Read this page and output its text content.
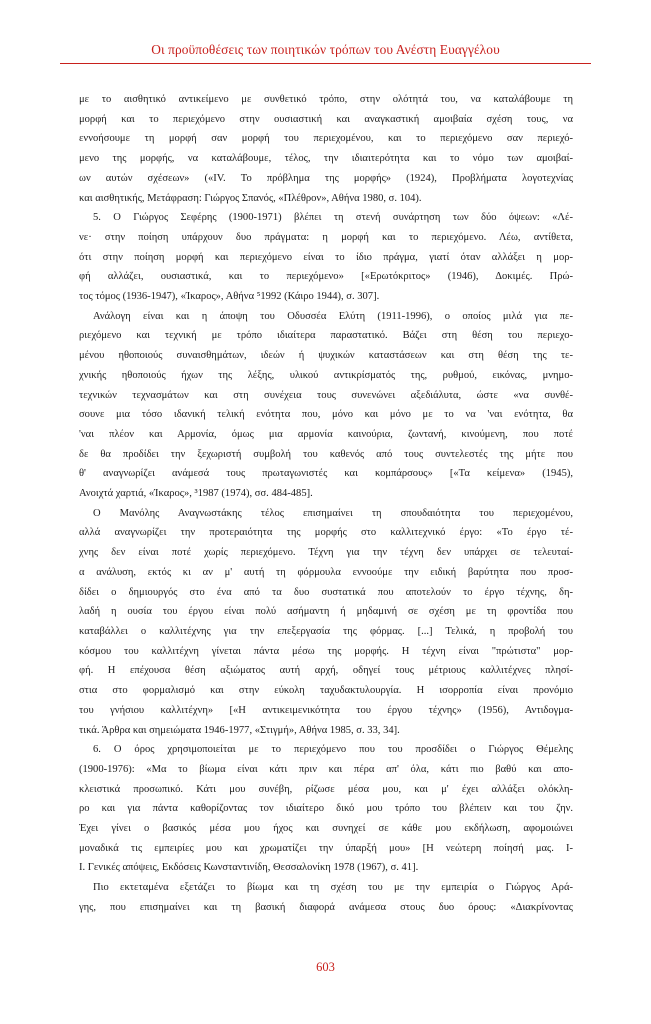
Οι προϋποθέσεις των ποιητικών τρόπων του Ανέστη Ευαγγέλου
με το αισθητικό αντικείμενο με συνθετικό τρόπο, στην ολότητά του, να καταλάβουμε τη
μορφή και το περιεχόμενο στην ουσιαστική και αναγκαστική αμοιβαία σχέση τους, να
εννοήσουμε τη μορφή σαν μορφή του περιεχομένου, και το περιεχόμενο σαν περιεχό-
μενο της μορφής, να καταλάβουμε, τέλος, την ιδιαιτερότητα και το νόμο των αμοιβαί-
ων αυτών σχέσεων» («IV. Το πρόβλημα της μορφής» (1924), Προβλήματα λογοτεχνίας
και αισθητικής, Μετάφραση: Γιώργος Σπανός, «Πλέθρον», Αθήνα 1980, σ. 104).
5. Ο Γιώργος Σεφέρης (1900-1971) βλέπει τη στενή συνάρτηση των δύο όψεων: «Λέ-
νε· στην ποίηση υπάρχουν δυο πράγματα: η μορφή και το περιεχόμενο. Λέω, αντίθετα,
ότι στην ποίηση μορφή και περιεχόμενο είναι το ίδιο πράγμα, γιατί όταν αλλάξει η μορ-
φή αλλάζει, ουσιαστικά, και το περιεχόμενο» [«Ερωτόκριτος» (1946), Δοκιμές. Πρώ-
τος τόμος (1936-1947), «Ίκαρος», Αθήνα ⁵1992 (Κάιρο 1944), σ. 307].
Ανάλογη είναι και η άποψη του Οδυσσέα Ελύτη (1911-1996), ο οποίος μιλά για πε-
ριεχόμενο και τεχνική με τρόπο ιδιαίτερα παραστατικό. Βάζει στη θέση του περιεχο-
μένου ηθοποιούς συναισθημάτων, ιδεών ή ψυχικών καταστάσεων και στη θέση της τε-
χνικής ηθοποιούς ήχων της λέξης, υλικού αντικρίσματός της, ρυθμού, εικόνας, μνημο-
τεχνικών τεχνασμάτων και στη συνέχεια τους συνενώνει αξεδιάλυτα, ώστε «να συνθέ-
σουνε μια τόσο ιδανική τελική ενότητα που, μόνο και μόνο με το να 'ναι ενότητα, θα
'ναι πλέον και Αρμονία, όμως μια αρμονία καινούρια, ζωντανή, κινούμενη, που ποτέ
δε θα προδίδει την ξεχωριστή συμβολή του καθενός από τους συντελεστές της μήτε που
θ' αναγνωρίζει ανάμεσά τους πρωταγωνιστές και κομπάρσους» [«Τα κείμενα» (1945),
Ανοιχτά χαρτιά, «Ίκαρος», ³1987 (1974), σσ. 484-485].
Ο Μανόλης Αναγνωστάκης τέλος επισημαίνει τη σπουδαιότητα του περιεχομένου,
αλλά αναγνωρίζει την προτεραιότητα της μορφής στο καλλιτεχνικό έργο: «Το έργο τέ-
χνης δεν είναι ποτέ χωρίς περιεχόμενο. Τέχνη για την τέχνη δεν υπάρχει σε τελευταί-
α ανάλυση, εκτός κι αν μ' αυτή τη φόρμουλα εννοούμε την ειδική βαρύτητα που προσ-
δίδει ο δημιουργός στο ένα από τα δυο συστατικά που αποτελούν το έργο τέχνης, δη-
λαδή η ουσία του έργου είναι πολύ ασήμαντη ή μηδαμινή σε σχέση με τη φροντίδα που
καταβάλλει ο καλλιτέχνης για την επεξεργασία της φόρμας. [...] Τελικά, η προβολή του
κόσμου του καλλιτέχνη γίνεται πάντα μέσω της μορφής. Η τέχνη είναι "πρώτιστα" μορ-
φή. Η επέχουσα θέση αξιώματος αυτή αρχή, οδηγεί τους μέτριους καλλιτέχνες πλησί-
στια στο φορμαλισμό και στην εύκολη ταχυδακτυλουργία. Η ισορροπία είναι προνόμιο
του γνήσιου καλλιτέχνη» [«Η αντικειμενικότητα του έργου τέχνης» (1956), Αντιδογμα-
τικά. Άρθρα και σημειώματα 1946-1977, «Στιγμή», Αθήνα 1985, σ. 33, 34].
6. Ο όρος χρησιμοποιείται με το περιεχόμενο που του προσδίδει ο Γιώργος Θέμελης
(1900-1976): «Μα το βίωμα είναι κάτι πριν και πέρα απ' όλα, κάτι πιο βαθύ και απο-
κλειστικά προσωπικό. Κάτι μου συνέβη, ρίζωσε μέσα μου, και μ' έχει αλλάξει ολόκλη-
ρο και για πάντα καθορίζοντας τον ιδιαίτερο δικό μου τρόπο του βλέπειν και του ζην.
Έχει γίνει ο βασικός μέσα μου ήχος και συνηχεί σε κάθε μου εκδήλωση, αφομοιώνει
μοναδικά τις εμπειρίες μου και χρωματίζει την ύπαρξή μου» [Η νεώτερη ποίησή μας. Ι-
Ι. Γενικές απόψεις, Εκδόσεις Κωνσταντινίδη, Θεσσαλονίκη 1978 (1967), σ. 41].
Πιο εκτεταμένα εξετάζει το βίωμα και τη σχέση του με την εμπειρία ο Γιώργος Αρά-
γης, που επισημαίνει και τη βασική διαφορά ανάμεσα στους δυο όρους: «Διακρίνοντας
603
